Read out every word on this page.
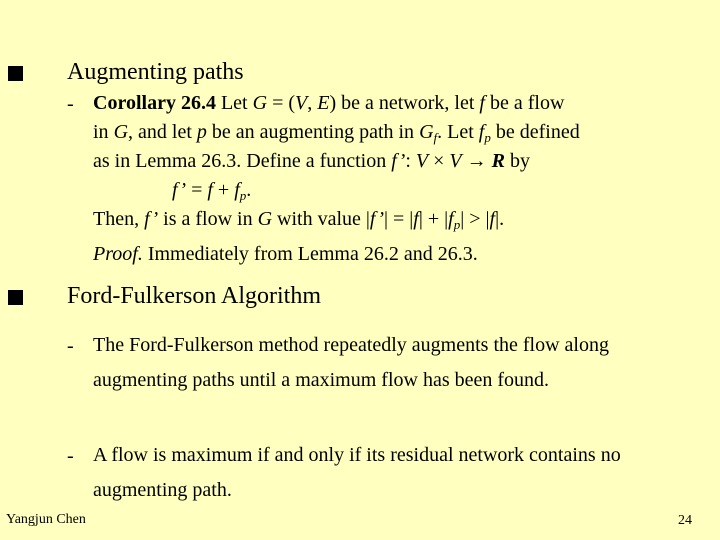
Augmenting paths
- Corollary 26.4 Let G = (V, E) be a network, let f be a flow
in G, and let p be an augmenting path in $G_f$. Let $f_p$ be defined
as in Lemma 26.3. Define a function f’: V × V → R by
f’ = $f + f_p$.
Then, f’ is a flow in G with value |f’| = $|f| + |f_p| > |f|$.
Proof. Immediately from Lemma 26.2 and 26.3.
Ford-Fulkerson Algorithm
- The Ford-Fulkerson method repeatedly augments the flow along augmenting paths until a maximum flow has been found.
- A flow is maximum if and only if its residual network contains no augmenting path.
Yangjun Chen	24
